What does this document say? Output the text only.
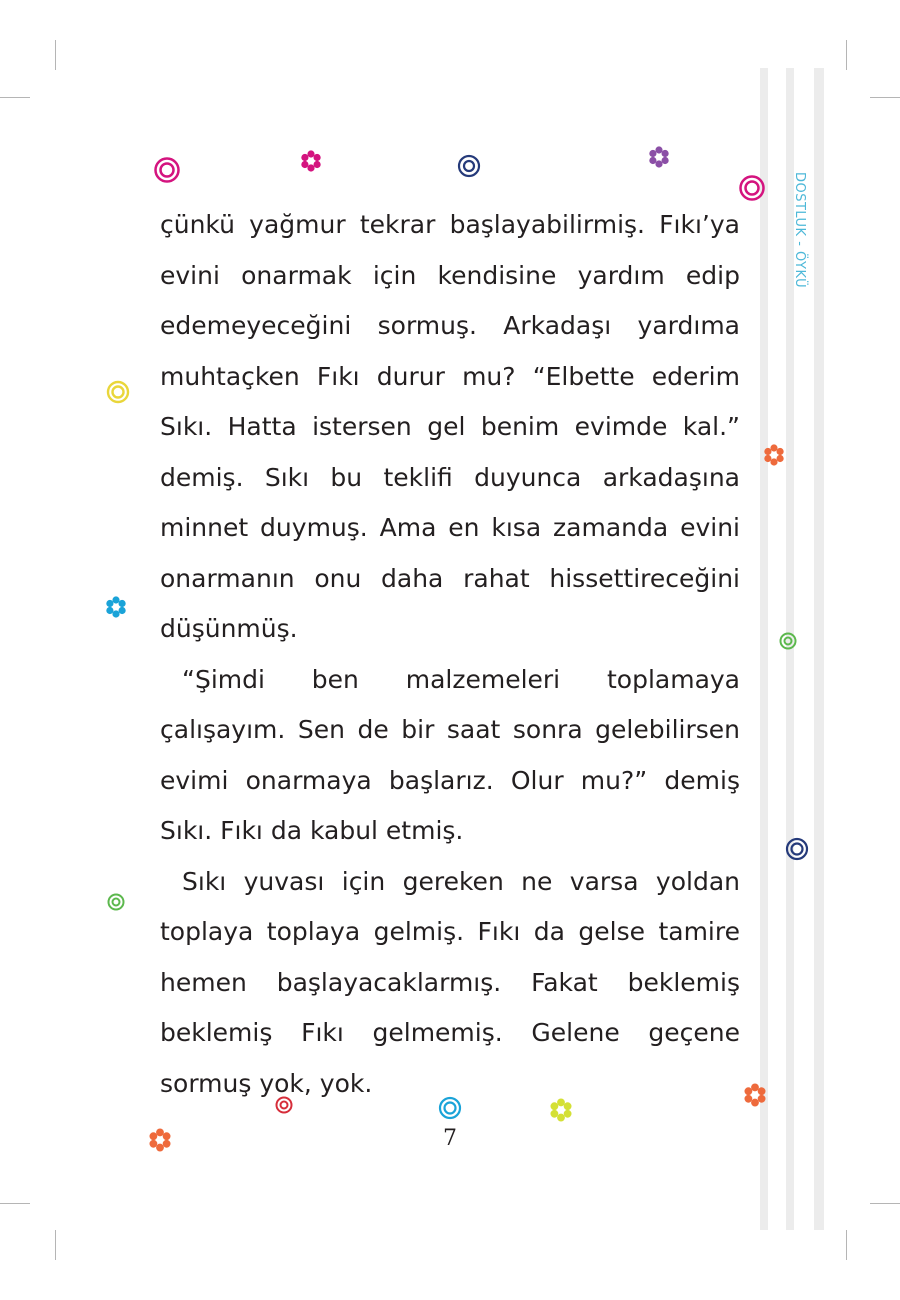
DOSTLUK - ÖYKÜ

çünkü yağmur tekrar başlayabilirmiş. Fıkı’ya evini onarmak için kendisine yardım edip edemeyeceğini sormuş. Arkadaşı yardıma muhtaçken Fıkı durur mu? “Elbette ederim Sıkı. Hatta istersen gel benim evimde kal.” demiş. Sıkı bu teklifi duyunca arkadaşına minnet duymuş. Ama en kısa zamanda evini onarmanın onu daha rahat hissettireceğini düşünmüş.

“Şimdi ben malzemeleri toplamaya çalışayım. Sen de bir saat sonra gelebilirsen evimi onarmaya başlarız. Olur mu?” demiş Sıkı. Fıkı da kabul etmiş.

Sıkı yuvası için gereken ne varsa yoldan toplaya toplaya gelmiş. Fıkı da gelse tamire hemen başlayacaklarmış. Fakat beklemiş beklemiş Fıkı gelmemiş. Gelene geçene sormuş yok, yok.

7
